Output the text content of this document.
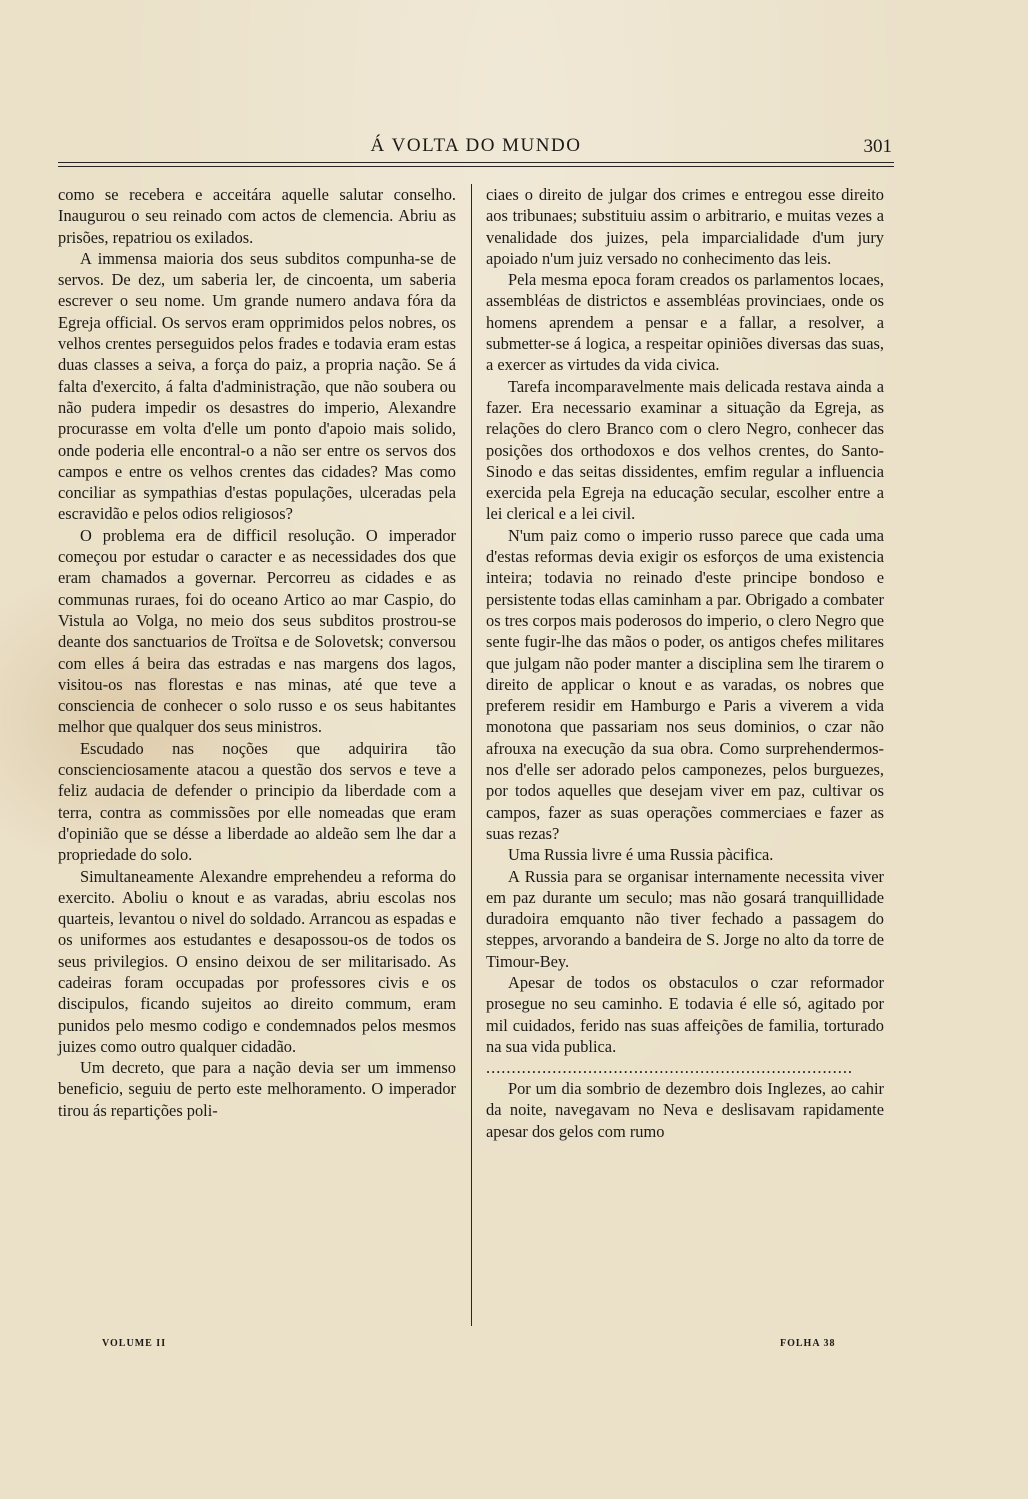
Á VOLTA DO MUNDO	301

como se recebera e acceitára aquelle salutar conselho. Inaugurou o seu reinado com actos de clemencia. Abriu as prisões, repatriou os exilados.

A immensa maioria dos seus subditos compunha-se de servos. De dez, um saberia ler, de cincoenta, um saberia escrever o seu nome. Um grande numero andava fóra da Egreja official. Os servos eram opprimidos pelos nobres, os velhos crentes perseguidos pelos frades e todavia eram estas duas classes a seiva, a força do paiz, a propria nação. Se á falta d'exercito, á falta d'administração, que não soubera ou não pudera impedir os desastres do imperio, Alexandre procurasse em volta d'elle um ponto d'apoio mais solido, onde poderia elle encontral-o a não ser entre os servos dos campos e entre os velhos crentes das cidades? Mas como conciliar as sympathias d'estas populações, ulceradas pela escravidão e pelos odios religiosos?

O problema era de difficil resolução. O imperador começou por estudar o caracter e as necessidades dos que eram chamados a governar. Percorreu as cidades e as communas ruraes, foi do oceano Artico ao mar Caspio, do Vistula ao Volga, no meio dos seus subditos prostrou-se deante dos sanctuarios de Troïtsa e de Solovetsk; conversou com elles á beira das estradas e nas margens dos lagos, visitou-os nas florestas e nas minas, até que teve a consciencia de conhecer o solo russo e os seus habitantes melhor que qualquer dos seus ministros.

Escudado nas noções que adquirira tão conscienciosamente atacou a questão dos servos e teve a feliz audacia de defender o principio da liberdade com a terra, contra as commissões por elle nomeadas que eram d'opinião que se désse a liberdade ao aldeão sem lhe dar a propriedade do solo.

Simultaneamente Alexandre emprehendeu a reforma do exercito. Aboliu o knout e as varadas, abriu escolas nos quarteis, levantou o nivel do soldado. Arrancou as espadas e os uniformes aos estudantes e desapossou-os de todos os seus privilegios. O ensino deixou de ser militarisado. As cadeiras foram occupadas por professores civis e os discipulos, ficando sujeitos ao direito commum, eram punidos pelo mesmo codigo e condemnados pelos mesmos juizes como outro qualquer cidadão.

Um decreto, que para a nação devia ser um immenso beneficio, seguiu de perto este melhoramento. O imperador tirou ás repartições poli-

ciaes o direito de julgar dos crimes e entregou esse direito aos tribunaes; substituiu assim o arbitrario, e muitas vezes a venalidade dos juizes, pela imparcialidade d'um jury apoiado n'um juiz versado no conhecimento das leis.

Pela mesma epoca foram creados os parlamentos locaes, assembléas de districtos e assembléas provinciaes, onde os homens aprendem a pensar e a fallar, a resolver, a submetter-se á logica, a respeitar opiniões diversas das suas, a exercer as virtudes da vida civica.

Tarefa incomparavelmente mais delicada restava ainda a fazer. Era necessario examinar a situação da Egreja, as relações do clero Branco com o clero Negro, conhecer das posições dos orthodoxos e dos velhos crentes, do Santo-Sinodo e das seitas dissidentes, emfim regular a influencia exercida pela Egreja na educação secular, escolher entre a lei clerical e a lei civil.

N'um paiz como o imperio russo parece que cada uma d'estas reformas devia exigir os esforços de uma existencia inteira; todavia no reinado d'este principe bondoso e persistente todas ellas caminham a par. Obrigado a combater os tres corpos mais poderosos do imperio, o clero Negro que sente fugir-lhe das mãos o poder, os antigos chefes militares que julgam não poder manter a disciplina sem lhe tirarem o direito de applicar o knout e as varadas, os nobres que preferem residir em Hamburgo e Paris a viverem a vida monotona que passariam nos seus dominios, o czar não afrouxa na execução da sua obra. Como surprehendermos-nos d'elle ser adorado pelos camponezes, pelos burguezes, por todos aquelles que desejam viver em paz, cultivar os campos, fazer as suas operações commerciaes e fazer as suas rezas?

Uma Russia livre é uma Russia pàcifica.

A Russia para se organisar internamente necessita viver em paz durante um seculo; mas não gosará tranquillidade duradoira emquanto não tiver fechado a passagem do steppes, arvorando a bandeira de S. Jorge no alto da torre de Timour-Bey.

Apesar de todos os obstaculos o czar reformador prosegue no seu caminho. E todavia é elle só, agitado por mil cuidados, ferido nas suas affeições de familia, torturado na sua vida publica.

........................................................................

Por um dia sombrio de dezembro dois Inglezes, ao cahir da noite, navegavam no Neva e deslisavam rapidamente apesar dos gelos com rumo

VOLUME II	FOLHA 38
